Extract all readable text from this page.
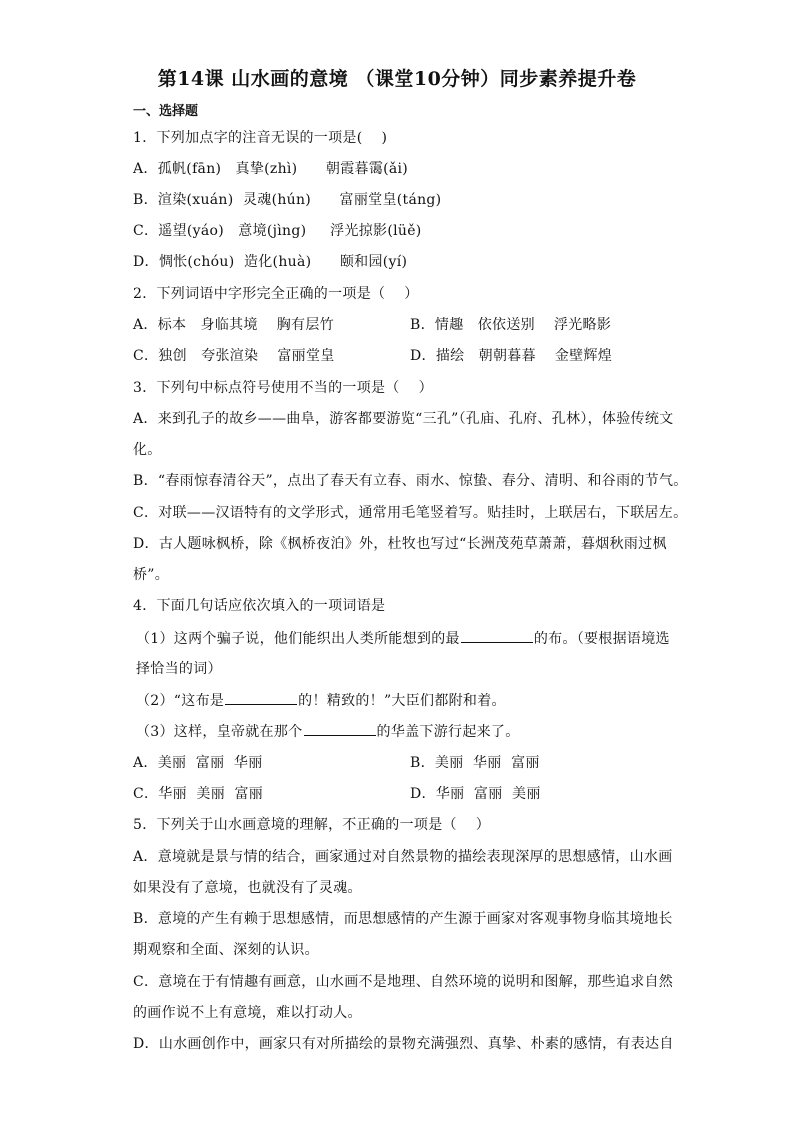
第14课 山水画的意境 （课堂10分钟）同步素养提升卷
一、选择题
1．下列加点字的注音无误的一项是(    )
A．孤帆(fān)   真挚(zhì)      朝霞暮霭(ǎi)
B．渲染(xuán)  灵魂(hún)      富丽堂皇(táng)
C．遥望(yáo)   意境(jìng)     浮光掠影(lüě)
D．惆怅(chóu)  造化(huà)      颐和园(yí)
2．下列词语中字形完全正确的一项是（    ）
A．标本   身临其境    胸有层竹	B．情趣   依依送别    浮光略影
C．独创   夸张渲染    富丽堂皇	D．描绘   朝朝暮暮    金壁辉煌
3．下列句中标点符号使用不当的一项是（    ）
A．来到孔子的故乡——曲阜，游客都要游览“三孔”（孔庙、孔府、孔林），体验传统文
化。
B．“春雨惊春清谷天”，点出了春天有立春、雨水、惊蛰、春分、清明、和谷雨的节气。
C．对联——汉语特有的文学形式，通常用毛笔竖着写。贴挂时，上联居右，下联居左。
D．古人题咏枫桥，除《枫桥夜泊》外，杜牧也写过“长洲茂苑草萧萧，暮烟秋雨过枫
桥”。
4．下面几句话应依次填入的一项词语是
（1）这两个骗子说，他们能织出人类所能想到的最	的布。（要根据语境选
择恰当的词）
（2）“这布是	的！精致的！”大臣们都附和着。
（3）这样，皇帝就在那个	的华盖下游行起来了。
A．美丽  富丽  华丽	B．美丽  华丽  富丽
C．华丽  美丽  富丽	D．华丽  富丽  美丽
5．下列关于山水画意境的理解，不正确的一项是（    ）
A．意境就是景与情的结合，画家通过对自然景物的描绘表现深厚的思想感情，山水画
如果没有了意境，也就没有了灵魂。
B．意境的产生有赖于思想感情，而思想感情的产生源于画家对客观事物身临其境地长
期观察和全面、深刻的认识。
C．意境在于有情趣有画意，山水画不是地理、自然环境的说明和图解，那些追求自然
的画作说不上有意境，难以打动人。
D．山水画创作中，画家只有对所描绘的景物充满强烈、真挚、朴素的感情，有表达自
